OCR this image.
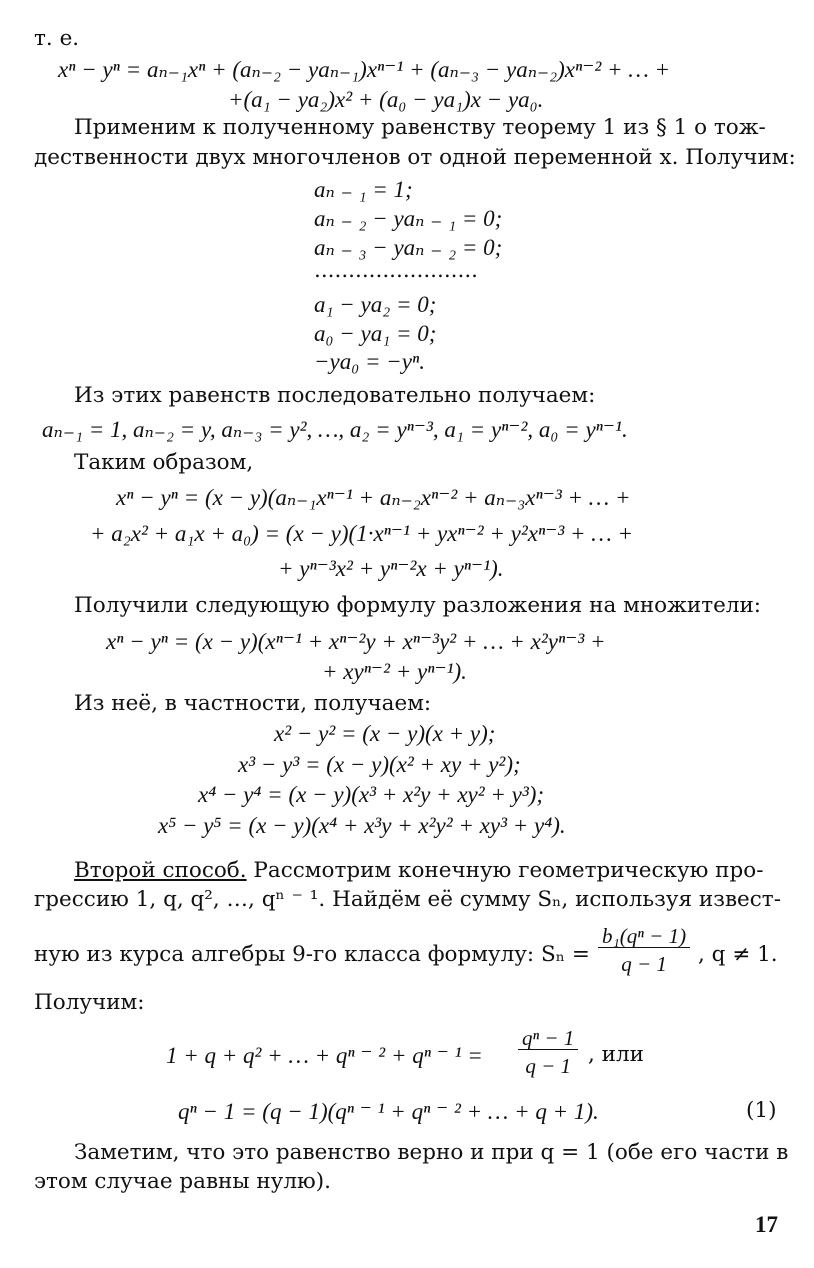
т. е.
xⁿ − yⁿ = aₙ₋₁xⁿ + (aₙ₋₂ − yaₙ₋₁)xⁿ⁻¹ + (aₙ₋₃ − yaₙ₋₂)xⁿ⁻² + … +
+(a₁ − ya₂)x² + (a₀ − ya₁)x − ya₀.
Применим к полученному равенству теорему 1 из § 1 о тож-
дественности двух многочленов от одной переменной x. Получим:
aₙ ₋ ₁ = 1;
aₙ ₋ ₂ − yaₙ ₋ ₁ = 0;
aₙ ₋ ₃ − yaₙ ₋ ₂ = 0;
........................
a₁ − ya₂ = 0;
a₀ − ya₁ = 0;
−ya₀ = −yⁿ.
Из этих равенств последовательно получаем:
aₙ₋₁ = 1, aₙ₋₂ = y, aₙ₋₃ = y², …, a₂ = yⁿ⁻³, a₁ = yⁿ⁻², a₀ = yⁿ⁻¹.
Таким образом,
xⁿ − yⁿ = (x − y)(aₙ₋₁xⁿ⁻¹ + aₙ₋₂xⁿ⁻² + aₙ₋₃xⁿ⁻³ + … +
+ a₂x² + a₁x + a₀) = (x − y)(1·xⁿ⁻¹ + yxⁿ⁻² + y²xⁿ⁻³ + … +
+ yⁿ⁻³x² + yⁿ⁻²x + yⁿ⁻¹).
Получили следующую формулу разложения на множители:
xⁿ − yⁿ = (x − y)(xⁿ⁻¹ + xⁿ⁻²y + xⁿ⁻³y² + … + x²yⁿ⁻³ +
+ xyⁿ⁻² + yⁿ⁻¹).
Из неё, в частности, получаем:
x² − y² = (x − y)(x + y);
x³ − y³ = (x − y)(x² + xy + y²);
x⁴ − y⁴ = (x − y)(x³ + x²y + xy² + y³);
x⁵ − y⁵ = (x − y)(x⁴ + x³y + x²y² + xy³ + y⁴).
Второй способ. Рассмотрим конечную геометрическую про-
грессию 1, q, q², …, qⁿ ⁻ ¹. Найдём её сумму Sₙ, используя извест-
ную из курса алгебры 9-го класса формулу: $S_n = \frac{\text{b₁(qⁿ − 1)}}{q - 1}$ , q ≠ 1.
Получим:
1 + q + q² + … + qⁿ ⁻ ² + qⁿ ⁻ $^1 = \frac{\text{qⁿ − 1}}{q - 1}$ , или
qⁿ − 1 = (q − 1)(qⁿ ⁻ ¹ + qⁿ ⁻ ² + … + q + 1).	(1)
Заметим, что это равенство верно и при q = 1 (обе его части в
этом случае равны нулю).
17
